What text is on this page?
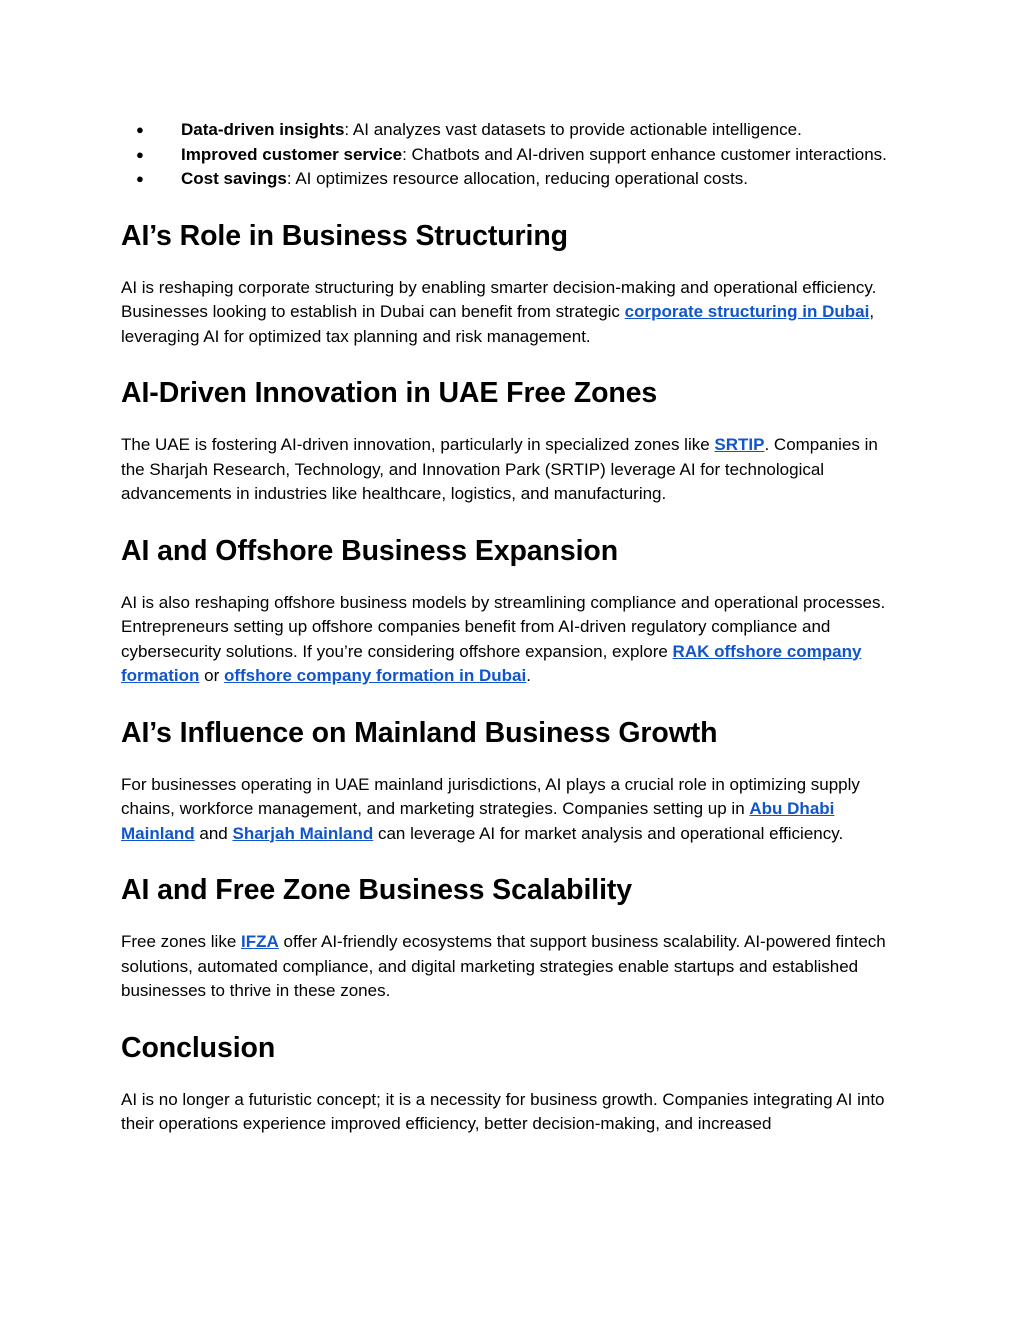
● Data-driven insights: AI analyzes vast datasets to provide actionable intelligence.
● Improved customer service: Chatbots and AI-driven support enhance customer interactions.
● Cost savings: AI optimizes resource allocation, reducing operational costs.
AI’s Role in Business Structuring

AI is reshaping corporate structuring by enabling smarter decision-making and operational efficiency. Businesses looking to establish in Dubai can benefit from strategic corporate structuring in Dubai, leveraging AI for optimized tax planning and risk management.

AI-Driven Innovation in UAE Free Zones

The UAE is fostering AI-driven innovation, particularly in specialized zones like SRTIP. Companies in the Sharjah Research, Technology, and Innovation Park (SRTIP) leverage AI for technological advancements in industries like healthcare, logistics, and manufacturing.

AI and Offshore Business Expansion

AI is also reshaping offshore business models by streamlining compliance and operational processes. Entrepreneurs setting up offshore companies benefit from AI-driven regulatory compliance and cybersecurity solutions. If you’re considering offshore expansion, explore RAK offshore company formation or offshore company formation in Dubai.

AI’s Influence on Mainland Business Growth

For businesses operating in UAE mainland jurisdictions, AI plays a crucial role in optimizing supply chains, workforce management, and marketing strategies. Companies setting up in Abu Dhabi Mainland and Sharjah Mainland can leverage AI for market analysis and operational efficiency.

AI and Free Zone Business Scalability

Free zones like IFZA offer AI-friendly ecosystems that support business scalability. AI-powered fintech solutions, automated compliance, and digital marketing strategies enable startups and established businesses to thrive in these zones.

Conclusion

AI is no longer a futuristic concept; it is a necessity for business growth. Companies integrating AI into their operations experience improved efficiency, better decision-making, and increased
